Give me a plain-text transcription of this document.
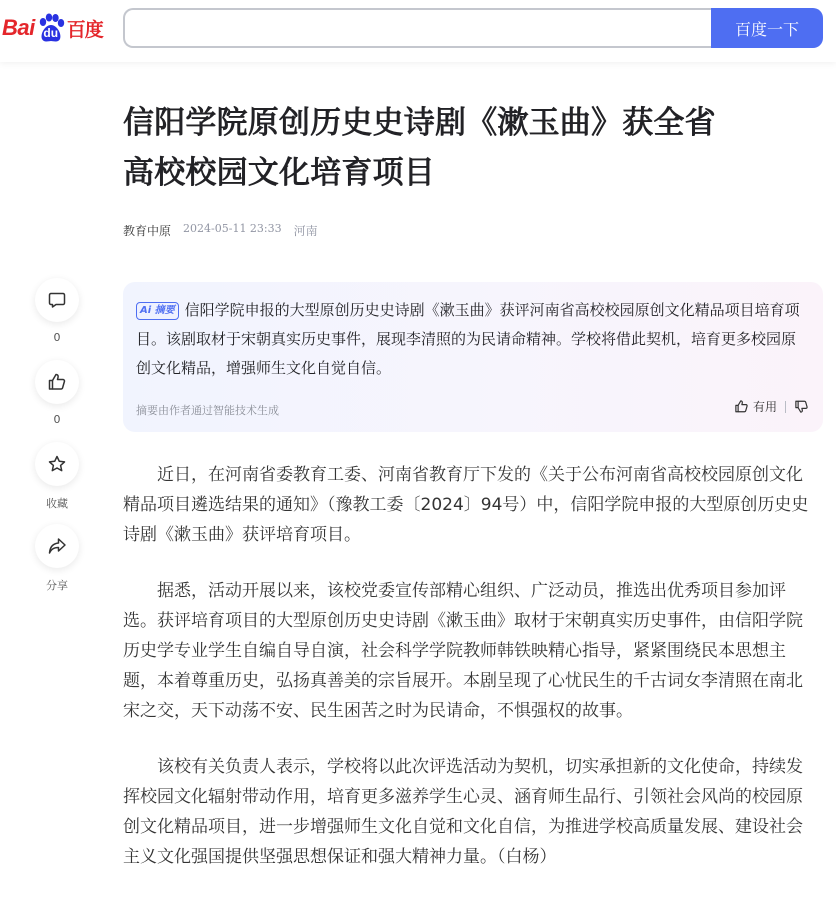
Bai du 百度	百度一下
信阳学院原创历史史诗剧《漱玉曲》获全省
高校校园文化培育项目
教育中原 2024-05-11 23:33 河南
0
0
收藏
分享

Ai 摘要 信阳学院申报的大型原创历史史诗剧《漱玉曲》获评河南省高校校园原创文化精品项目培育项目。该剧取材于宋朝真实历史事件，展现李清照的为民请命精神。学校将借此契机，培育更多校园原创文化精品，增强师生文化自觉自信。

摘要由作者通过智能技术生成	有用

近日，在河南省委教育工委、河南省教育厅下发的《关于公布河南省高校校园原创文化精品项目遴选结果的通知》（豫教工委〔2024〕94号）中，信阳学院申报的大型原创历史史诗剧《漱玉曲》获评培育项目。

据悉，活动开展以来，该校党委宣传部精心组织、广泛动员，推选出优秀项目参加评选。获评培育项目的大型原创历史史诗剧《漱玉曲》取材于宋朝真实历史事件，由信阳学院历史学专业学生自编自导自演，社会科学学院教师韩铁映精心指导，紧紧围绕民本思想主题，本着尊重历史，弘扬真善美的宗旨展开。本剧呈现了心忧民生的千古词女李清照在南北宋之交，天下动荡不安、民生困苦之时为民请命，不惧强权的故事。

该校有关负责人表示，学校将以此次评选活动为契机，切实承担新的文化使命，持续发挥校园文化辐射带动作用，培育更多滋养学生心灵、涵育师生品行、引领社会风尚的校园原创文化精品项目，进一步增强师生文化自觉和文化自信，为推进学校高质量发展、建设社会主义文化强国提供坚强思想保证和强大精神力量。（白杨）
